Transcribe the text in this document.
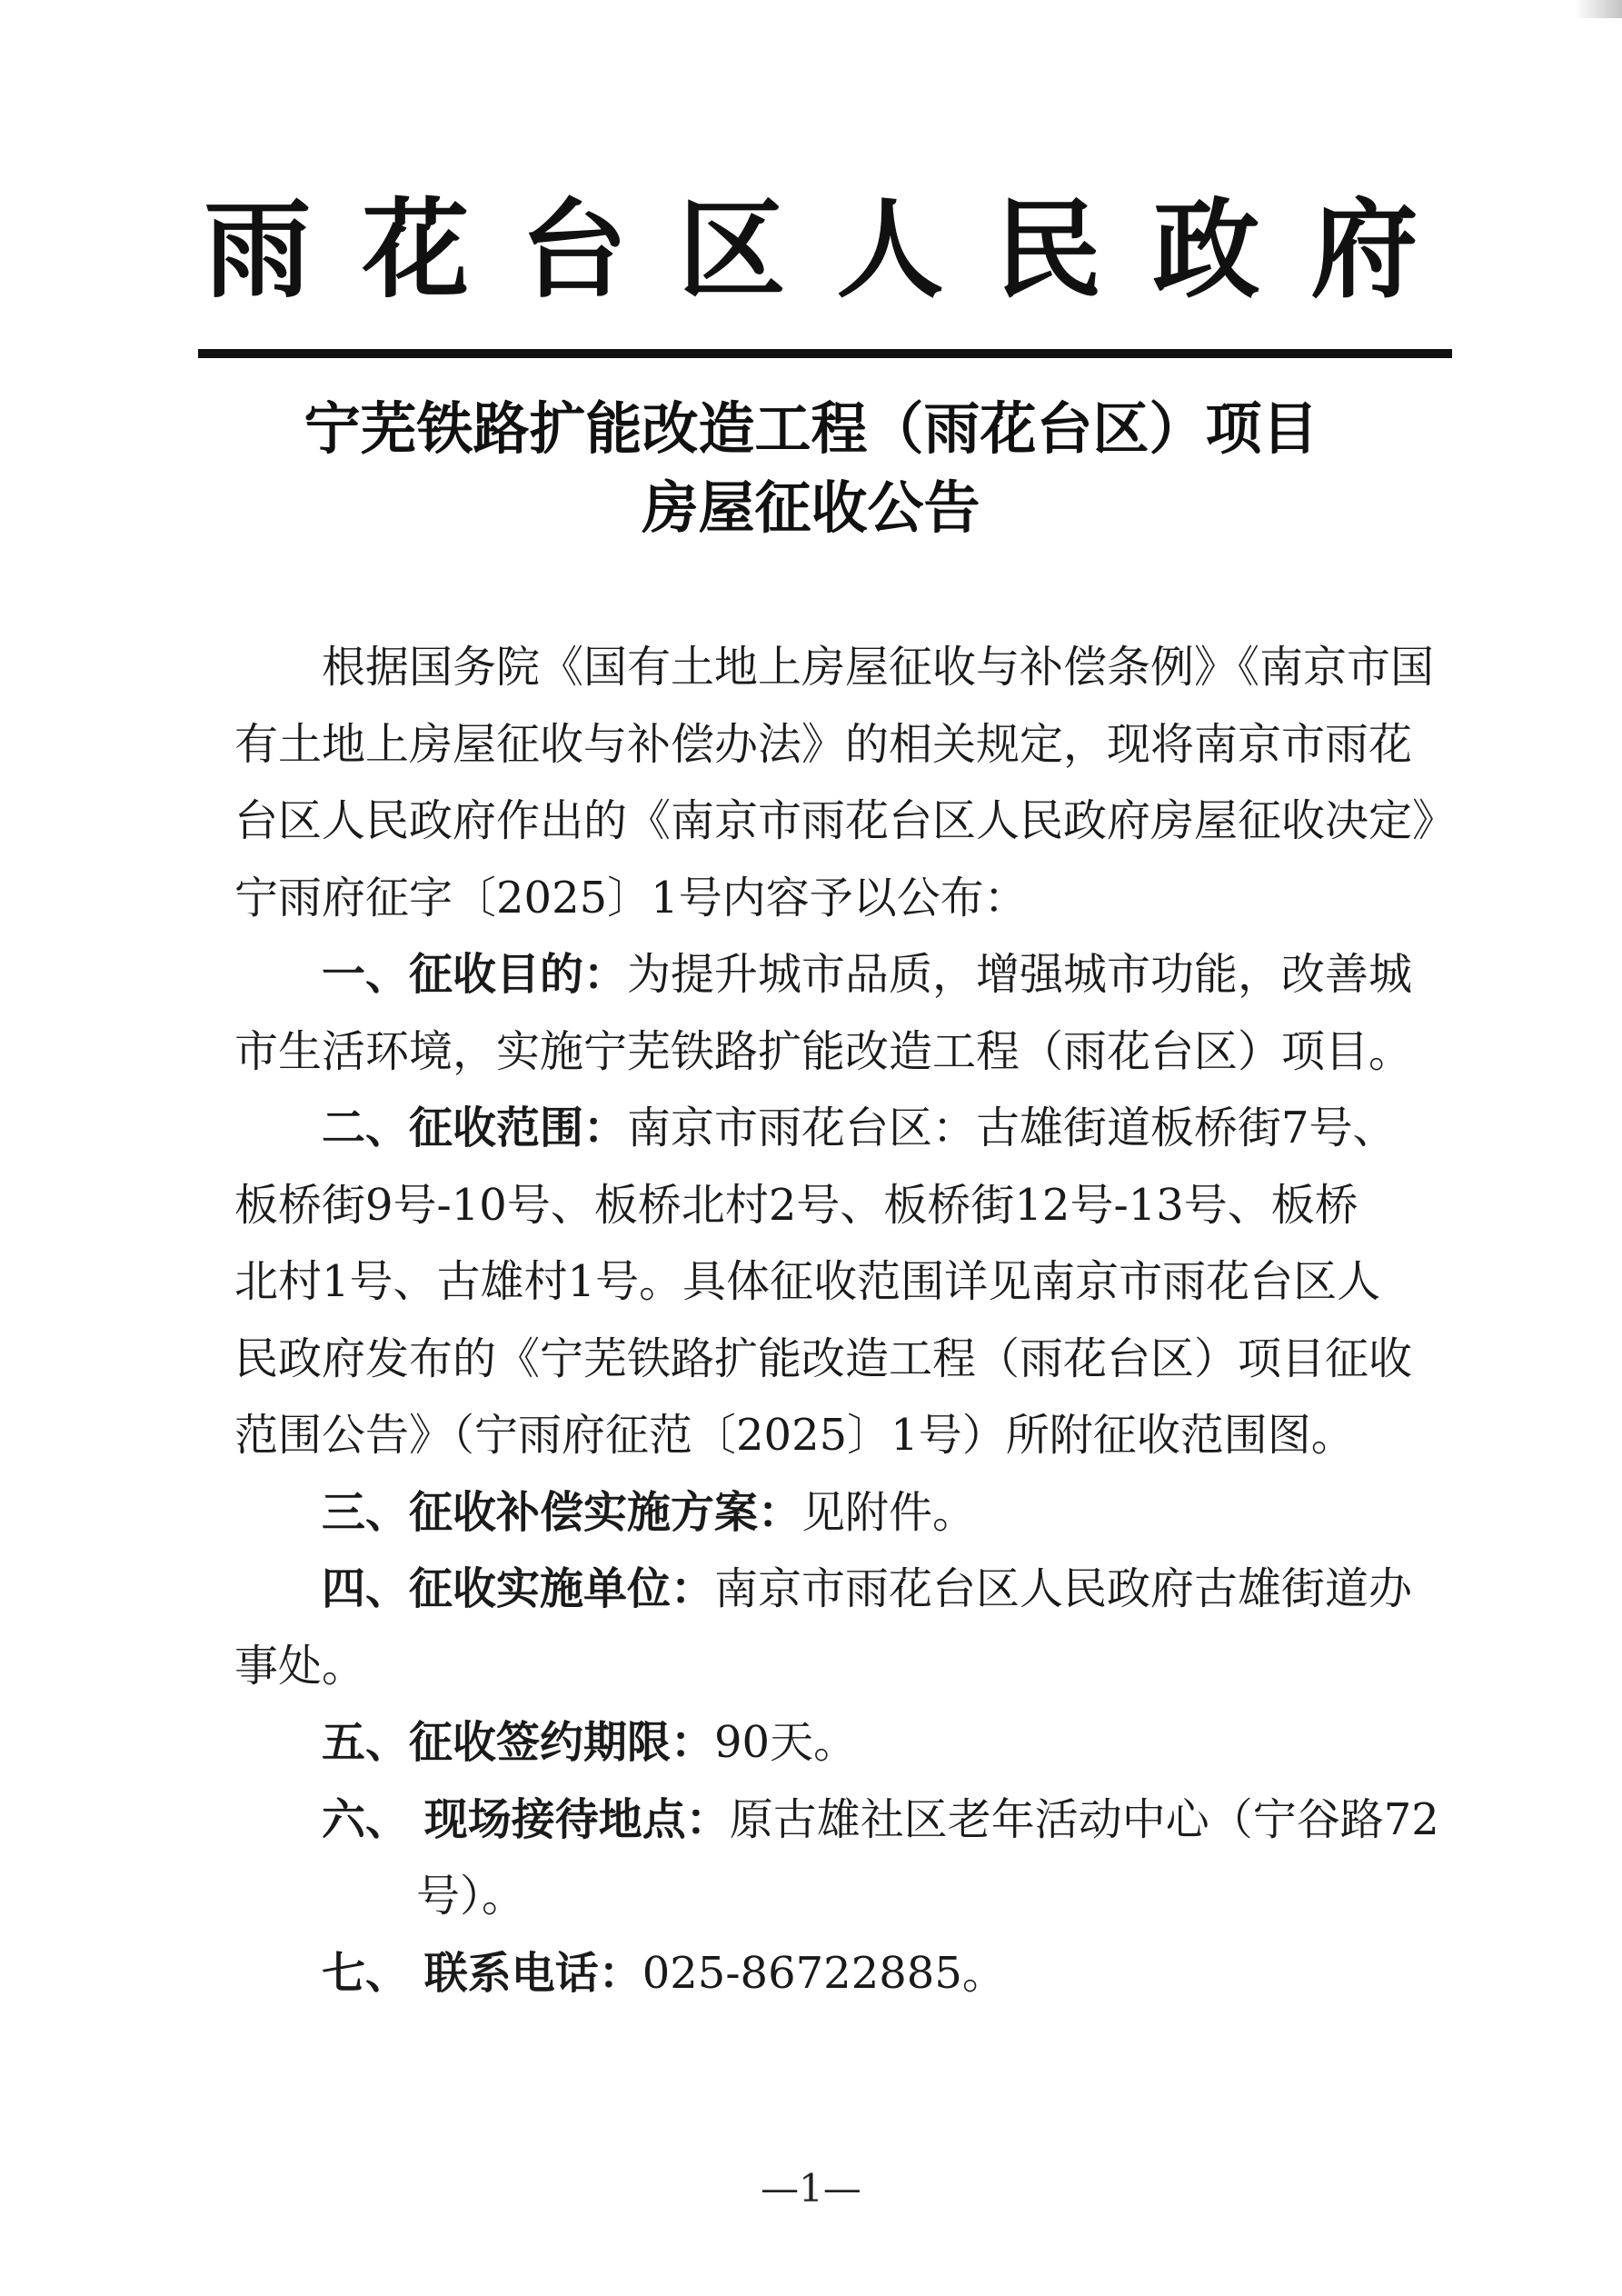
雨花台区人民政府
宁芜铁路扩能改造工程（雨花台区）项目
房屋征收公告
根据国务院《国有土地上房屋征收与补偿条例》《南京市国
有土地上房屋征收与补偿办法》的相关规定，现将南京市雨花
台区人民政府作出的《南京市雨花台区人民政府房屋征收决定》
宁雨府征字〔2025〕1号内容予以公布：
一、征收目的： 为提升城市品质，增强城市功能，改善城
市生活环境，实施宁芜铁路扩能改造工程（雨花台区）项目。
二、征收范围： 南京市雨花台区：古雄街道板桥街7号、
板桥街9号-10号、板桥北村2号、板桥街12号-13号、板桥
北村1号、古雄村1号。具体征收范围详见南京市雨花台区人
民政府发布的《宁芜铁路扩能改造工程（雨花台区）项目征收
范围公告》（宁雨府征范〔2025〕1号）所附征收范围图。
三、征收补偿实施方案： 见附件。
四、征收实施单位： 南京市雨花台区人民政府古雄街道办
事处。
五、征收签约期限： 90天。
六、 现场接待地点： 原古雄社区老年活动中心（宁谷路72
号）。
七、 联系电话： 025-86722885。
—1—
